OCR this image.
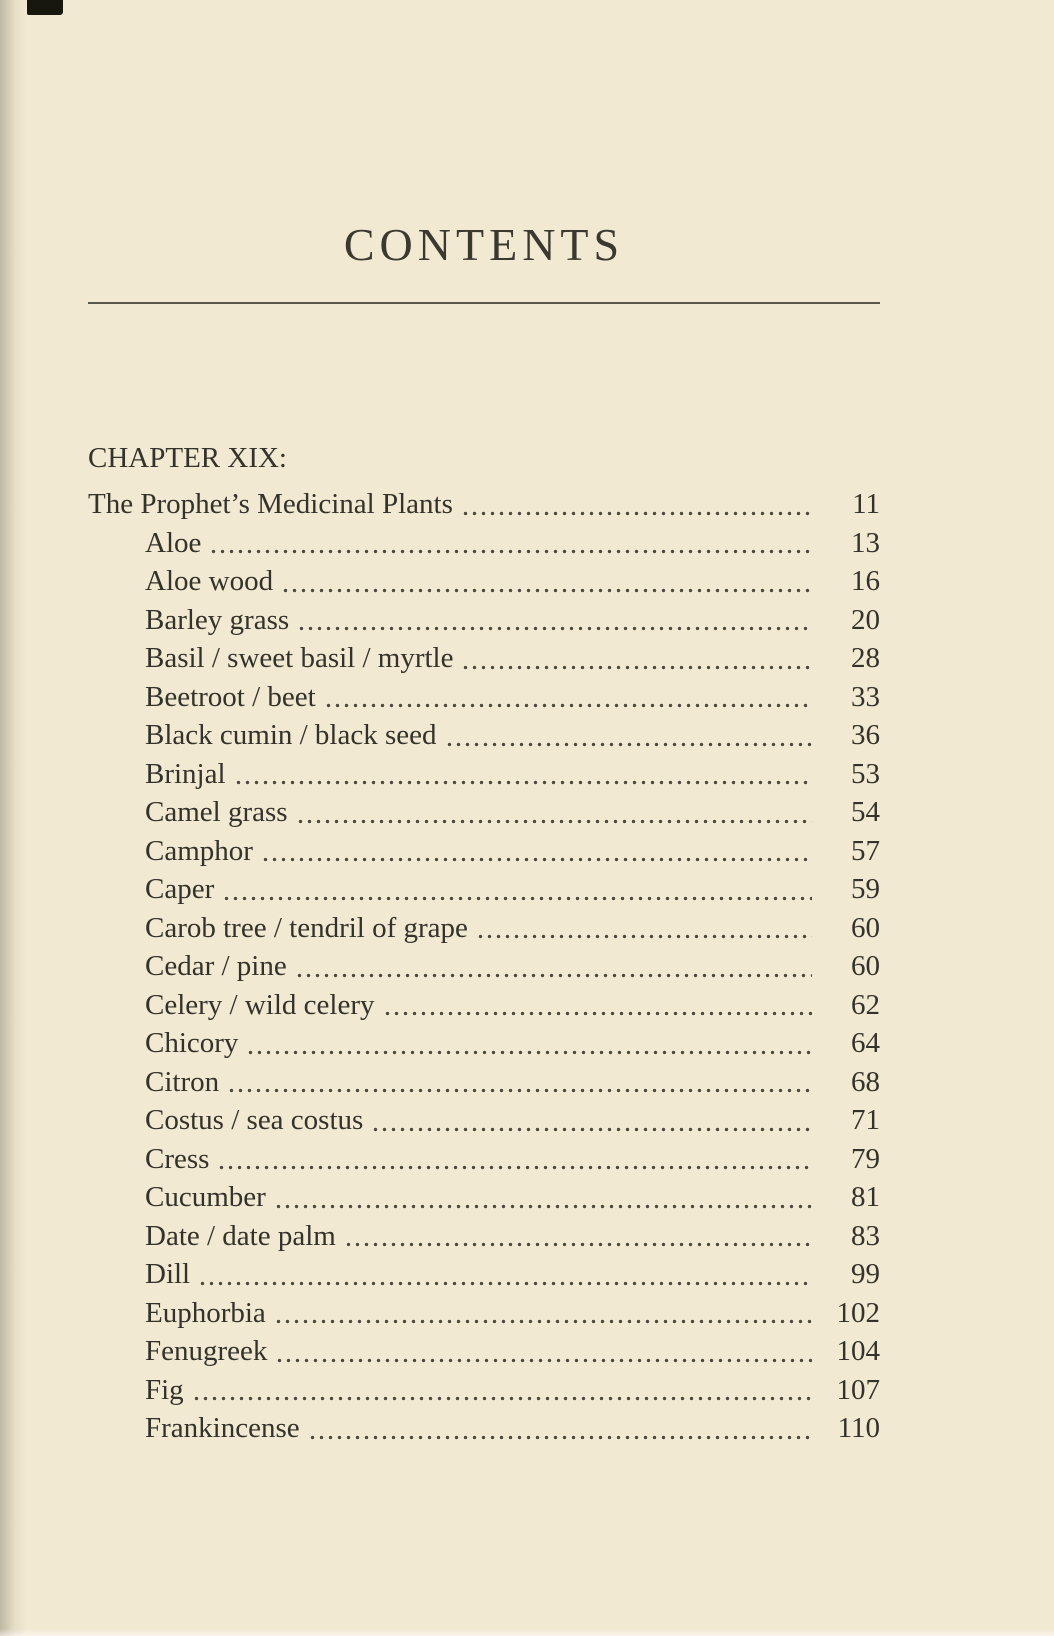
CONTENTS
CHAPTER XIX:
The Prophet’s Medicinal Plants	11
Aloe	13
Aloe wood	16
Barley grass	20
Basil / sweet basil / myrtle	28
Beetroot / beet	33
Black cumin / black seed	36
Brinjal	53
Camel grass	54
Camphor	57
Caper	59
Carob tree / tendril of grape	60
Cedar / pine	60
Celery / wild celery	62
Chicory	64
Citron	68
Costus / sea costus	71
Cress	79
Cucumber	81
Date / date palm	83
Dill	99
Euphorbia	102
Fenugreek	104
Fig	107
Frankincense	110
